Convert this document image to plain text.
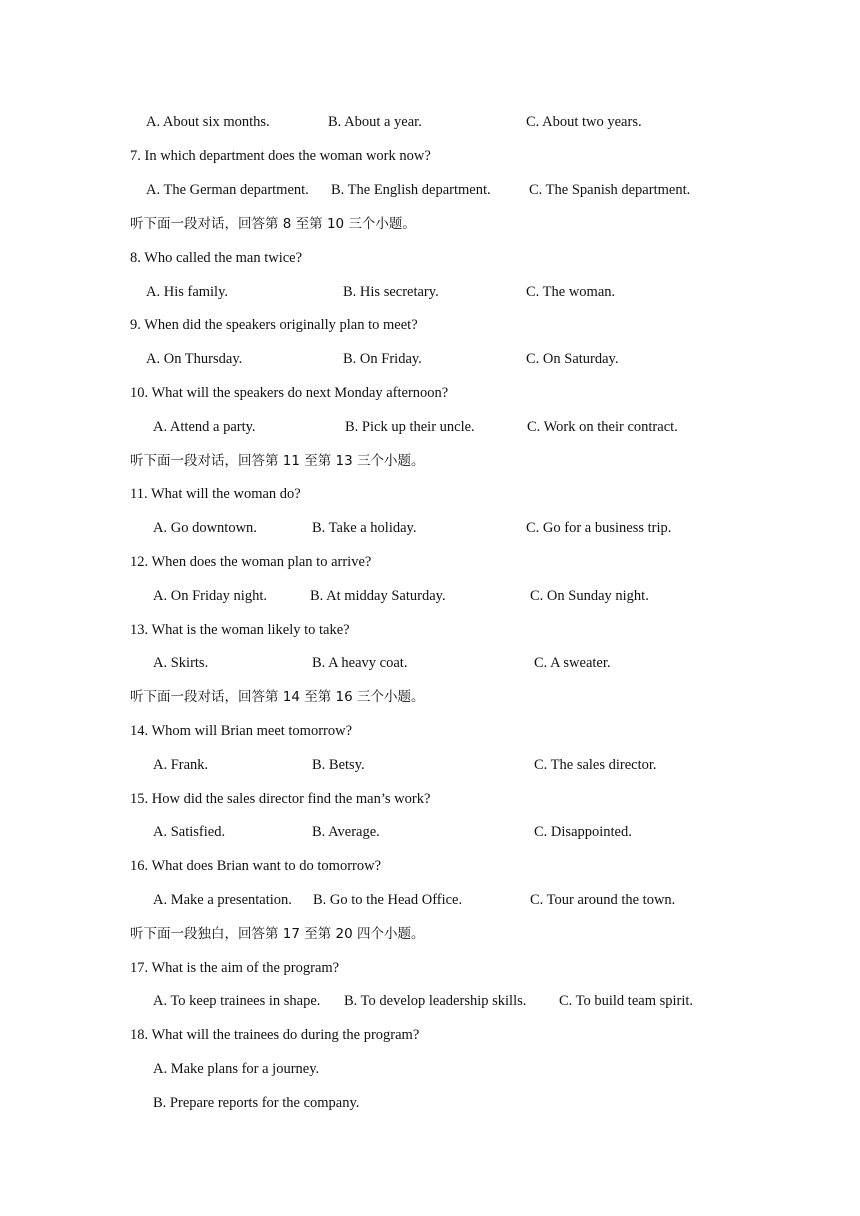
A. About six months.	B. About a year.	C. About two years.
7. In which department does the woman work now?
A. The German department. B. The English department.	C. The Spanish department.
听下面一段对话，回答第 8 至第 10 三个小题。
8. Who called the man twice?
A. His family.	B. His secretary.	C. The woman.
9. When did the speakers originally plan to meet?
A. On Thursday.	B. On Friday.	C. On Saturday.
10. What will the speakers do next Monday afternoon?
A. Attend a party.	B. Pick up their uncle.	C. Work on their contract.
听下面一段对话，回答第 11 至第 13 三个小题。
11. What will the woman do?
A. Go downtown.	B. Take a holiday.	C. Go for a business trip.
12. When does the woman plan to arrive?
A. On Friday night.	B. At midday Saturday.	C. On Sunday night.
13. What is the woman likely to take?
A. Skirts.	B. A heavy coat.	C. A sweater.
听下面一段对话，回答第 14 至第 16 三个小题。
14. Whom will Brian meet tomorrow?
A. Frank.	B. Betsy.	C. The sales director.
15. How did the sales director find the man’s work?
A. Satisfied.	B. Average.	C. Disappointed.
16. What does Brian want to do tomorrow?
A. Make a presentation. B. Go to the Head Office.	C. Tour around the town.
听下面一段独白，回答第 17 至第 20 四个小题。
17. What is the aim of the program?
A. To keep trainees in shape. B. To develop leadership skills. C. To build team spirit.
18. What will the trainees do during the program?
A. Make plans for a journey.
B. Prepare reports for the company.
